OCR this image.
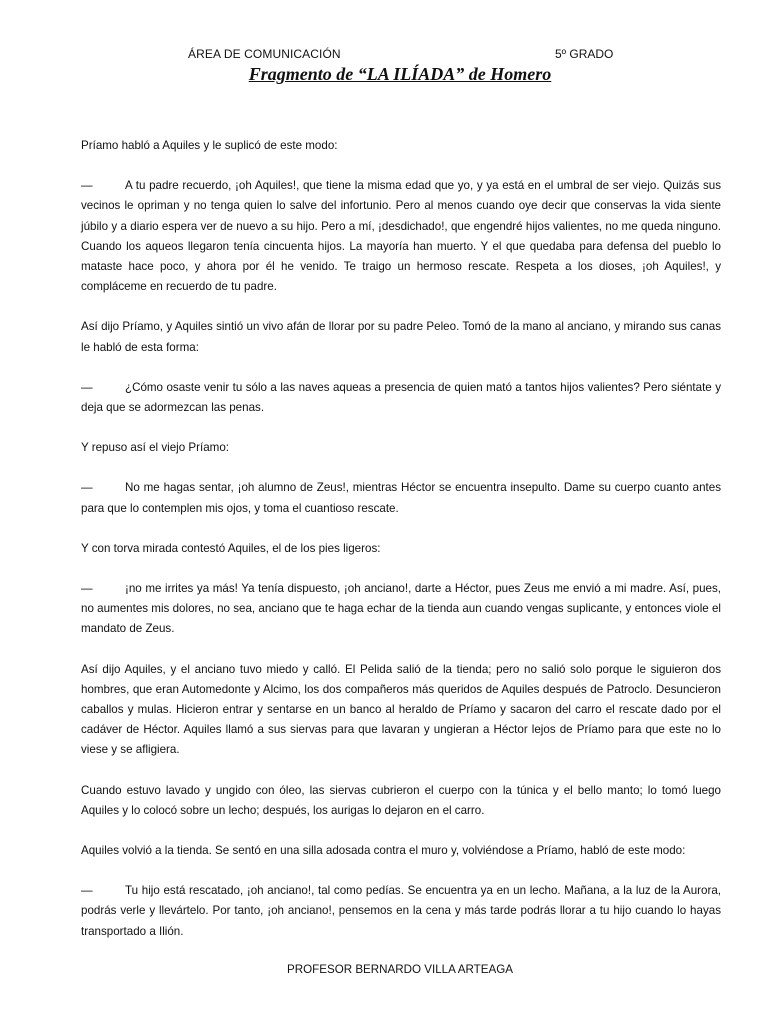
ÁREA DE COMUNICACIÓN	5º GRADO
Fragmento de “LA ILÍADA” de Homero

Príamo habló a Aquiles y le suplicó de este modo:

—	A tu padre recuerdo, ¡oh Aquiles!, que tiene la misma edad que yo, y ya está en el umbral de ser viejo. Quizás sus vecinos le opriman y no tenga quien lo salve del infortunio. Pero al menos cuando oye decir que conservas la vida siente júbilo y a diario espera ver de nuevo a su hijo. Pero a mí, ¡desdichado!, que engendré hijos valientes, no me queda ninguno. Cuando los aqueos llegaron tenía cincuenta hijos. La mayoría han muerto. Y el que quedaba para defensa del pueblo lo mataste hace poco, y ahora por él he venido. Te traigo un hermoso rescate. Respeta a los dioses, ¡oh Aquiles!, y compláceme en recuerdo de tu padre.

Así dijo Príamo, y Aquiles sintió un vivo afán de llorar por su padre Peleo. Tomó de la mano al anciano, y mirando sus canas le habló de esta forma:

—	¿Cómo osaste venir tu sólo a las naves aqueas a presencia de quien mató a tantos hijos valientes? Pero siéntate y deja que se adormezcan las penas.

Y repuso así el viejo Príamo:

—	No me hagas sentar, ¡oh alumno de Zeus!, mientras Héctor se encuentra insepulto. Dame su cuerpo cuanto antes para que lo contemplen mis ojos, y toma el cuantioso rescate.

Y con torva mirada contestó Aquiles, el de los pies ligeros:

—	¡no me irrites ya más! Ya tenía dispuesto, ¡oh anciano!, darte a Héctor, pues Zeus me envió a mi madre. Así, pues, no aumentes mis dolores, no sea, anciano que te haga echar de la tienda aun cuando vengas suplicante, y entonces viole el mandato de Zeus.

Así dijo Aquiles, y el anciano tuvo miedo y calló. El Pelida salió de la tienda; pero no salió solo porque le siguieron dos hombres, que eran Automedonte y Alcimo, los dos compañeros más queridos de Aquiles después de Patroclo. Desuncieron caballos y mulas. Hicieron entrar y sentarse en un banco al heraldo de Príamo y sacaron del carro el rescate dado por el cadáver de Héctor. Aquiles llamó a sus siervas para que lavaran y ungieran a Héctor lejos de Príamo para que este no lo viese y se afligiera.

Cuando estuvo lavado y ungido con óleo, las siervas cubrieron el cuerpo con la túnica y el bello manto; lo tomó luego Aquiles y lo colocó sobre un lecho; después, los aurigas lo dejaron en el carro.

Aquiles volvió a la tienda. Se sentó en una silla adosada contra el muro y, volviéndose a Príamo, habló de este modo:

—	Tu hijo está rescatado, ¡oh anciano!, tal como pedías. Se encuentra ya en un lecho. Mañana, a la luz de la Aurora, podrás verle y llevártelo. Por tanto, ¡oh anciano!, pensemos en la cena y más tarde podrás llorar a tu hijo cuando lo hayas transportado a Ilión.

PROFESOR BERNARDO VILLA ARTEAGA
